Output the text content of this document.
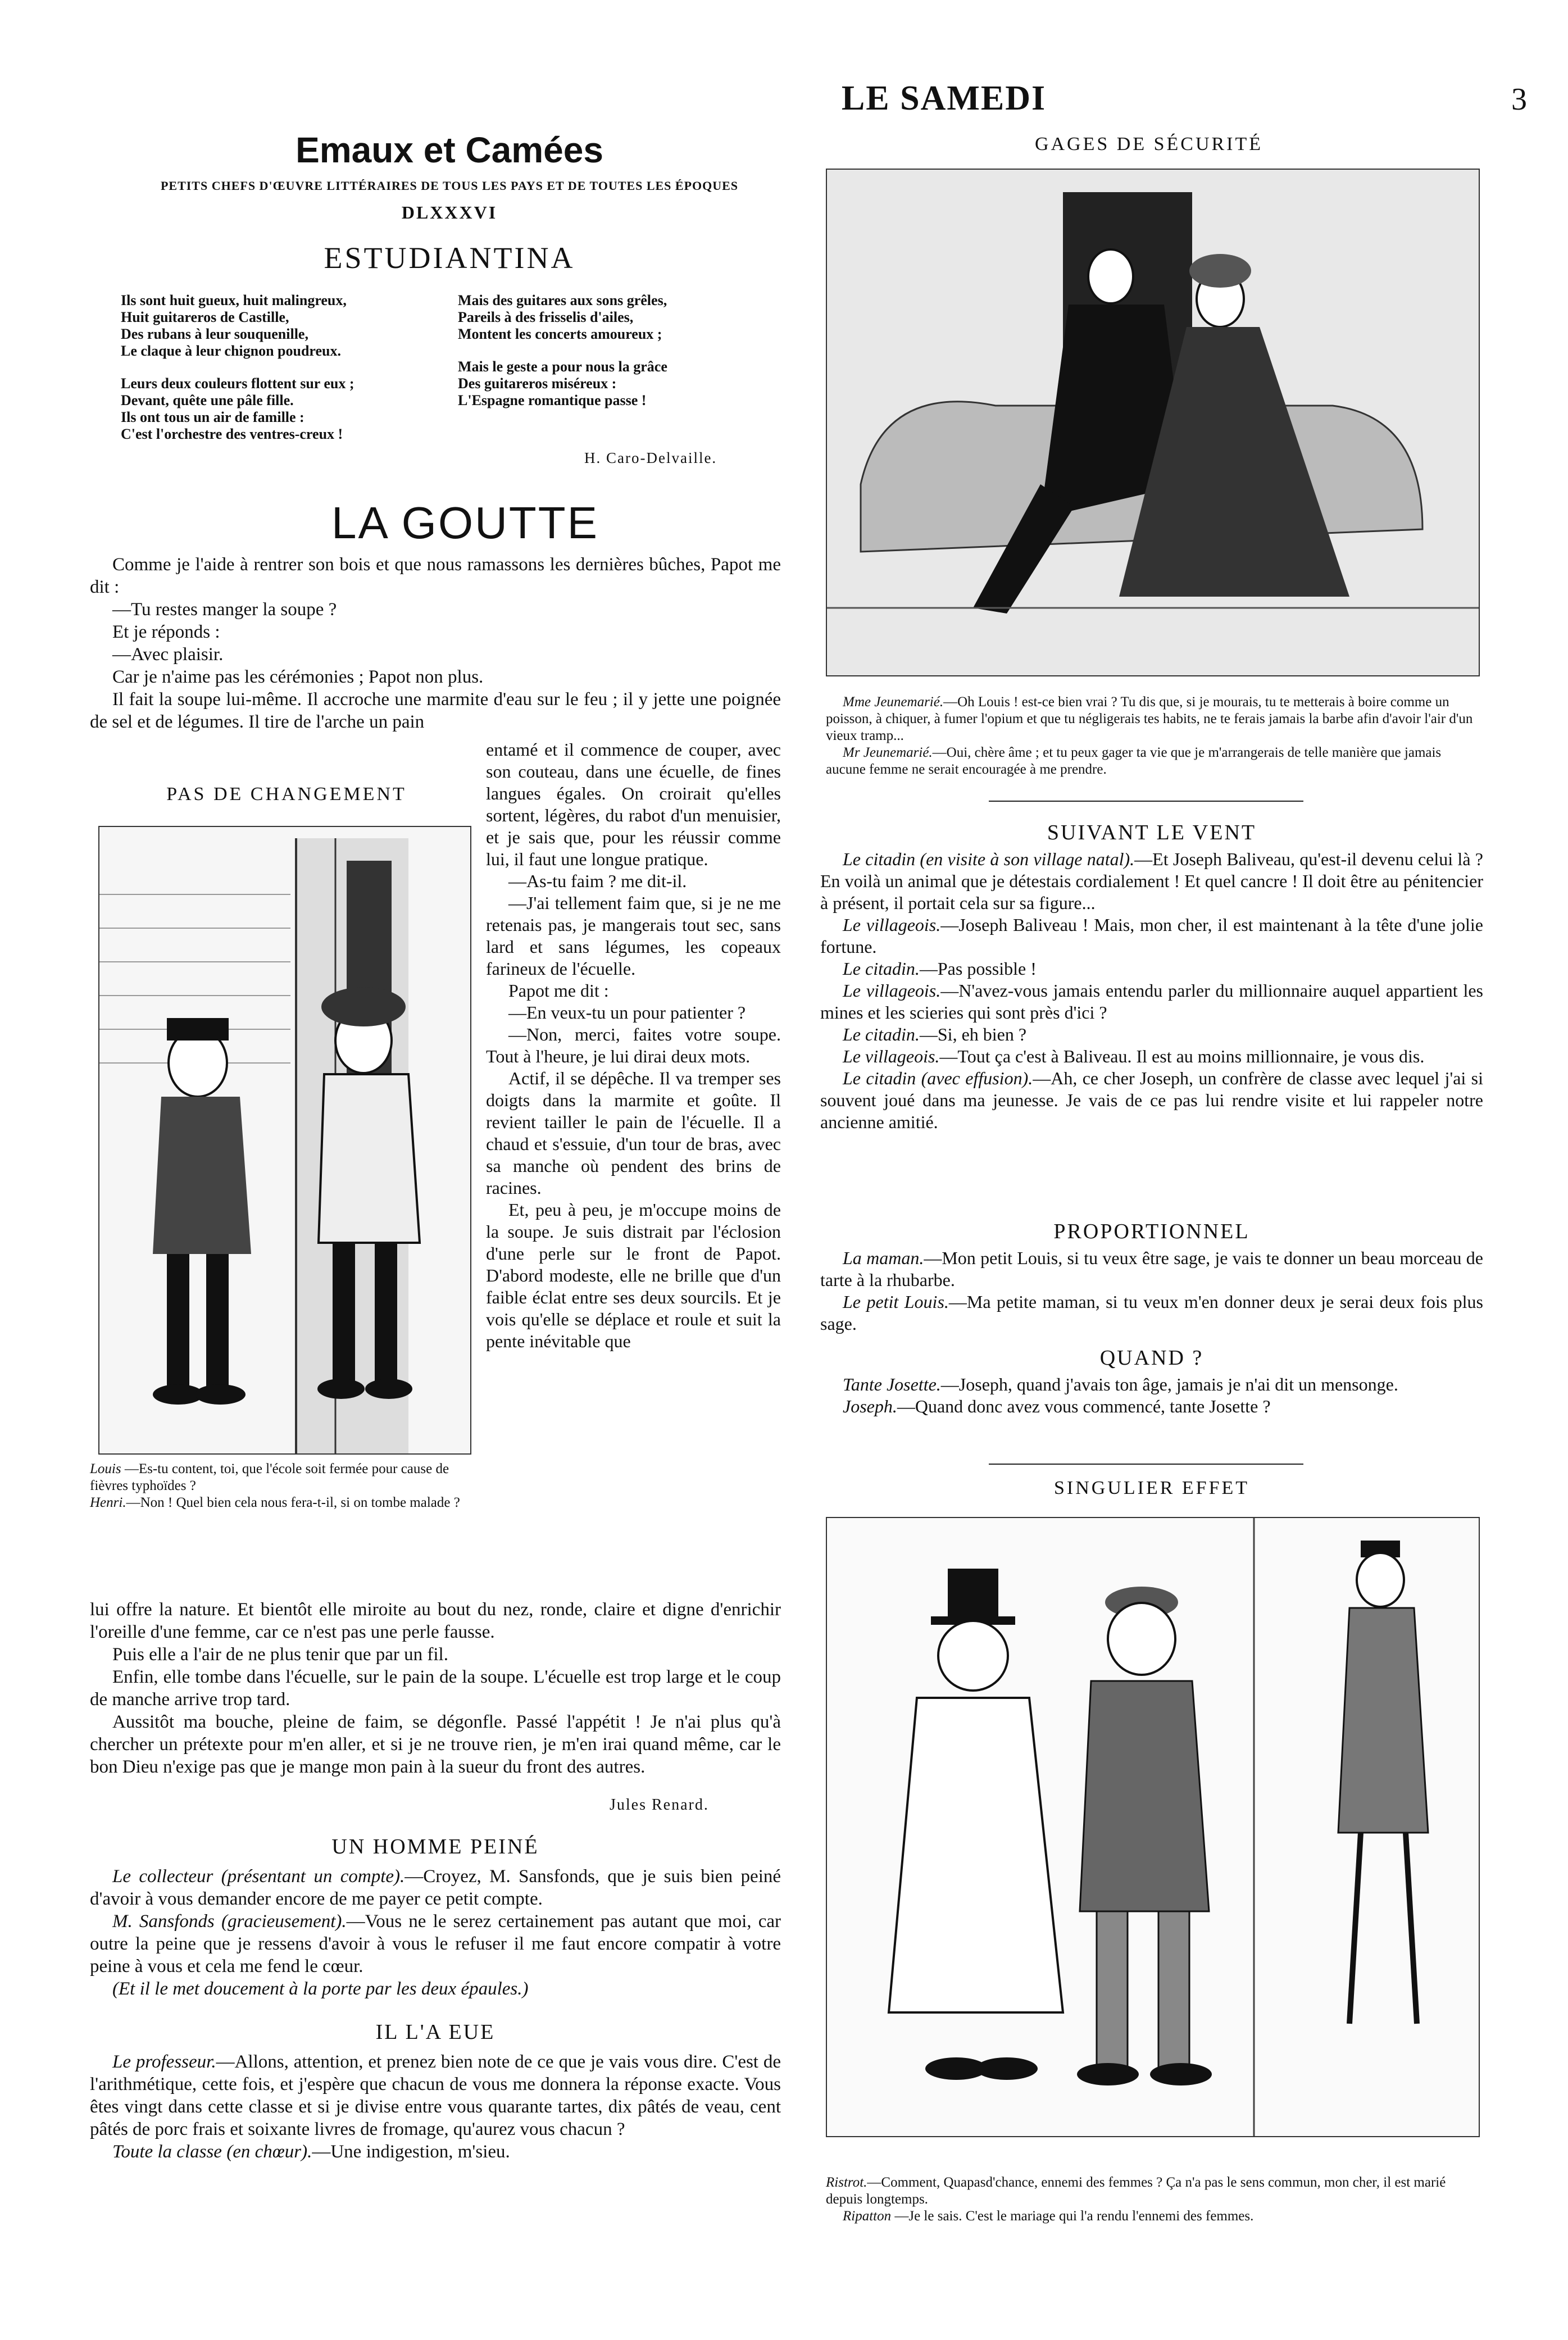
LE SAMEDI	3
Emaux et Camées
PETITS CHEFS D'ŒUVRE LITTÉRAIRES DE TOUS LES PAYS ET DE TOUTES LES ÉPOQUES
DLXXXVI
ESTUDIANTINA

Ils sont huit gueux, huit malingreux,

Huit guitareros de Castille,

Des rubans à leur souquenille,

Le claque à leur chignon poudreux.

Leurs deux couleurs flottent sur eux ;

Devant, quête une pâle fille.

Ils ont tous un air de famille :

C'est l'orchestre des ventres-creux !

Mais des guitares aux sons grêles,

Pareils à des frisselis d'ailes,

Montent les concerts amoureux ;

Mais le geste a pour nous la grâce

Des guitareros miséreux :

L'Espagne romantique passe !

H. Caro-Delvaille.
LA GOUTTE

Comme je l'aide à rentrer son bois et que nous ramassons les dernières bûches, Papot me dit :

—Tu restes manger la soupe ?

Et je réponds :

—Avec plaisir.

Car je n'aime pas les cérémonies ; Papot non plus.

Il fait la soupe lui-même. Il accroche une marmite d'eau sur le feu ; il y jette une poignée de sel et de légumes. Il tire de l'arche un pain

entamé et il commence de couper, avec son couteau, dans une écuelle, de fines langues égales. On croirait qu'elles sortent, légères, du rabot d'un menuisier, et je sais que, pour les réussir comme lui, il faut une longue pratique.

—As-tu faim ? me dit-il.

—J'ai tellement faim que, si je ne me retenais pas, je mangerais tout sec, sans lard et sans légumes, les copeaux farineux de l'écuelle.

Papot me dit :

—En veux-tu un pour patienter ?

—Non, merci, faites votre soupe. Tout à l'heure, je lui dirai deux mots.

Actif, il se dépêche. Il va tremper ses doigts dans la marmite et goûte. Il revient tailler le pain de l'écuelle. Il a chaud et s'essuie, d'un tour de bras, avec sa manche où pendent des brins de racines.

Et, peu à peu, je m'occupe moins de la soupe. Je suis distrait par l'éclosion d'une perle sur le front de Papot. D'abord modeste, elle ne brille que d'un faible éclat entre ses deux sourcils. Et je vois qu'elle se déplace et roule et suit la pente inévitable que

PAS DE CHANGEMENT

Louis —Es-tu content, toi, que l'école soit fermée pour cause de fièvres typhoïdes ?

Henri.—Non ! Quel bien cela nous fera-t-il, si on tombe malade ?

lui offre la nature. Et bientôt elle miroite au bout du nez, ronde, claire et digne d'enrichir l'oreille d'une femme, car ce n'est pas une perle fausse.

Puis elle a l'air de ne plus tenir que par un fil.

Enfin, elle tombe dans l'écuelle, sur le pain de la soupe. L'écuelle est trop large et le coup de manche arrive trop tard.

Aussitôt ma bouche, pleine de faim, se dégonfle. Passé l'appétit ! Je n'ai plus qu'à chercher un prétexte pour m'en aller, et si je ne trouve rien, je m'en irai quand même, car le bon Dieu n'exige pas que je mange mon pain à la sueur du front des autres.

Jules Renard.
UN HOMME PEINÉ

Le collecteur (présentant un compte).—Croyez, M. Sansfonds, que je suis bien peiné d'avoir à vous demander encore de me payer ce petit compte.

M. Sansfonds (gracieusement).—Vous ne le serez certainement pas autant que moi, car outre la peine que je ressens d'avoir à vous le refuser il me faut encore compatir à votre peine à vous et cela me fend le cœur.

(Et il le met doucement à la porte par les deux épaules.)

IL L'A EUE

Le professeur.—Allons, attention, et prenez bien note de ce que je vais vous dire. C'est de l'arithmétique, cette fois, et j'espère que chacun de vous me donnera la réponse exacte. Vous êtes vingt dans cette classe et si je divise entre vous quarante tartes, dix pâtés de veau, cent pâtés de porc frais et soixante livres de fromage, qu'aurez vous chacun ?

Toute la classe (en chœur).—Une indigestion, m'sieu.

GAGES DE SÉCURITÉ

Mme Jeunemarié.—Oh Louis ! est-ce bien vrai ? Tu dis que, si je mourais, tu te metterais à boire comme un poisson, à chiquer, à fumer l'opium et que tu négligerais tes habits, ne te ferais jamais la barbe afin d'avoir l'air d'un vieux tramp...

Mr Jeunemarié.—Oui, chère âme ; et tu peux gager ta vie que je m'arrangerais de telle manière que jamais aucune femme ne serait encouragée à me prendre.

SUIVANT LE VENT

Le citadin (en visite à son village natal).—Et Joseph Baliveau, qu'est-il devenu celui là ? En voilà un animal que je détestais cordialement ! Et quel cancre ! Il doit être au pénitencier à présent, il portait cela sur sa figure...

Le villageois.—Joseph Baliveau ! Mais, mon cher, il est maintenant à la tête d'une jolie fortune.

Le citadin.—Pas possible !

Le villageois.—N'avez-vous jamais entendu parler du millionnaire auquel appartient les mines et les scieries qui sont près d'ici ?

Le citadin.—Si, eh bien ?

Le villageois.—Tout ça c'est à Baliveau. Il est au moins millionnaire, je vous dis.

Le citadin (avec effusion).—Ah, ce cher Joseph, un confrère de classe avec lequel j'ai si souvent joué dans ma jeunesse. Je vais de ce pas lui rendre visite et lui rappeler notre ancienne amitié.

PROPORTIONNEL

La maman.—Mon petit Louis, si tu veux être sage, je vais te donner un beau morceau de tarte à la rhubarbe.

Le petit Louis.—Ma petite maman, si tu veux m'en donner deux je serai deux fois plus sage.

QUAND ?

Tante Josette.—Joseph, quand j'avais ton âge, jamais je n'ai dit un mensonge.

Joseph.—Quand donc avez vous commencé, tante Josette ?

SINGULIER EFFET

Ristrot.—Comment, Quapasd'chance, ennemi des femmes ? Ça n'a pas le sens commun, mon cher, il est marié depuis longtemps.

Ripatton —Je le sais. C'est le mariage qui l'a rendu l'ennemi des femmes.
